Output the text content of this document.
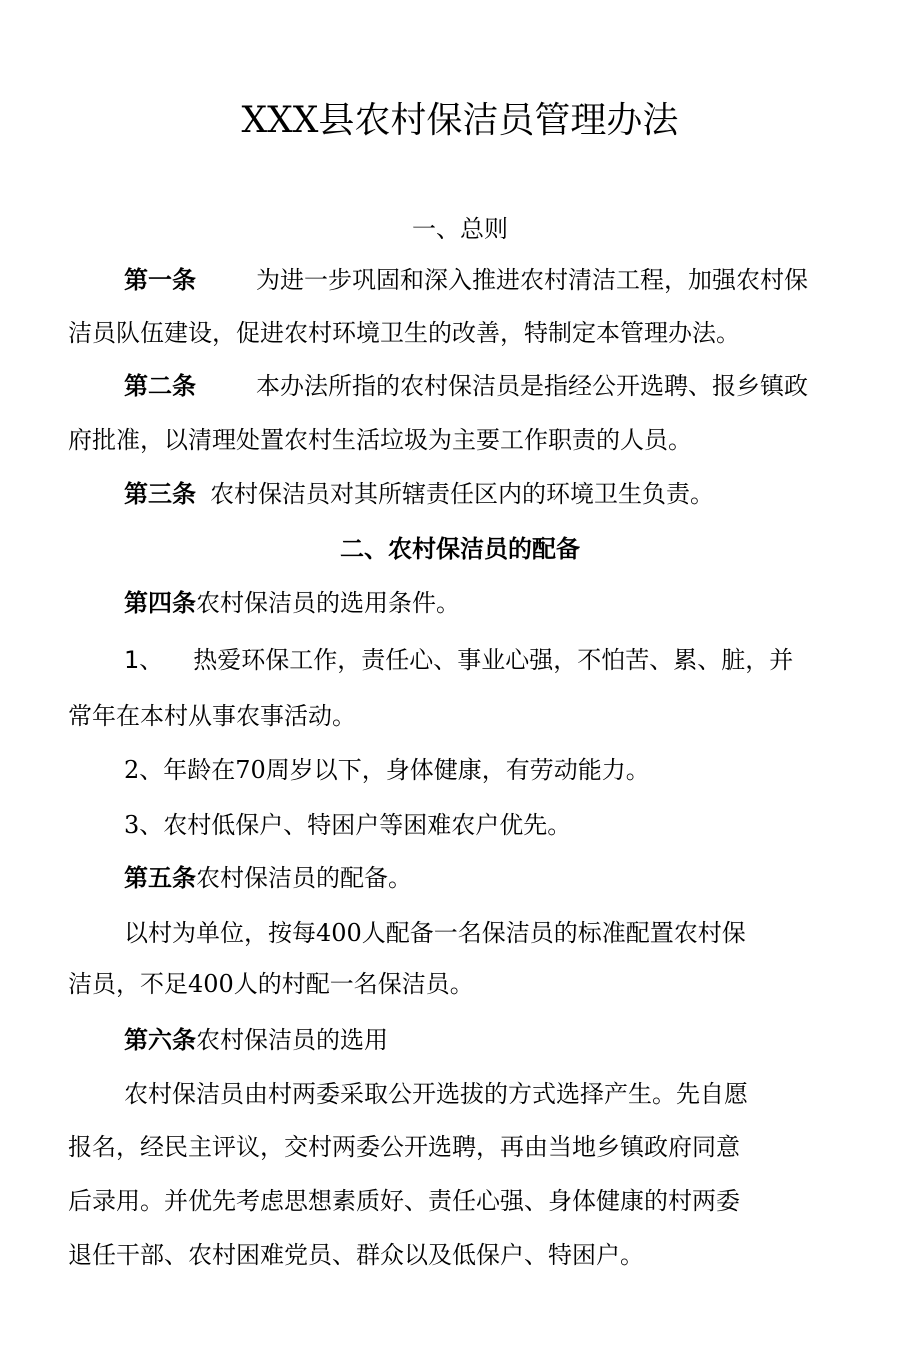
XXX县农村保洁员管理办法
一、总则
第一条	为进一步巩固和深入推进农村清洁工程，加强农村保
洁员队伍建设，促进农村环境卫生的改善，特制定本管理办法。
第二条	本办法所指的农村保洁员是指经公开选聘、报乡镇政
府批准，以清理处置农村生活垃圾为主要工作职责的人员。
第三条 农村保洁员对其所辖责任区内的环境卫生负责。
二、农村保洁员的配备
第四条农村保洁员的选用条件。
1、 热爱环保工作，责任心、事业心强，不怕苦、累、脏，并
常年在本村从事农事活动。
2、年龄在70周岁以下，身体健康，有劳动能力。
3、农村低保户、特困户等困难农户优先。
第五条农村保洁员的配备。
以村为单位，按每400人配备一名保洁员的标准配置农村保
洁员，不足400人的村配一名保洁员。
第六条农村保洁员的选用
农村保洁员由村两委采取公开选拔的方式选择产生。先自愿
报名，经民主评议，交村两委公开选聘，再由当地乡镇政府同意
后录用。并优先考虑思想素质好、责任心强、身体健康的村两委
退任干部、农村困难党员、群众以及低保户、特困户。
